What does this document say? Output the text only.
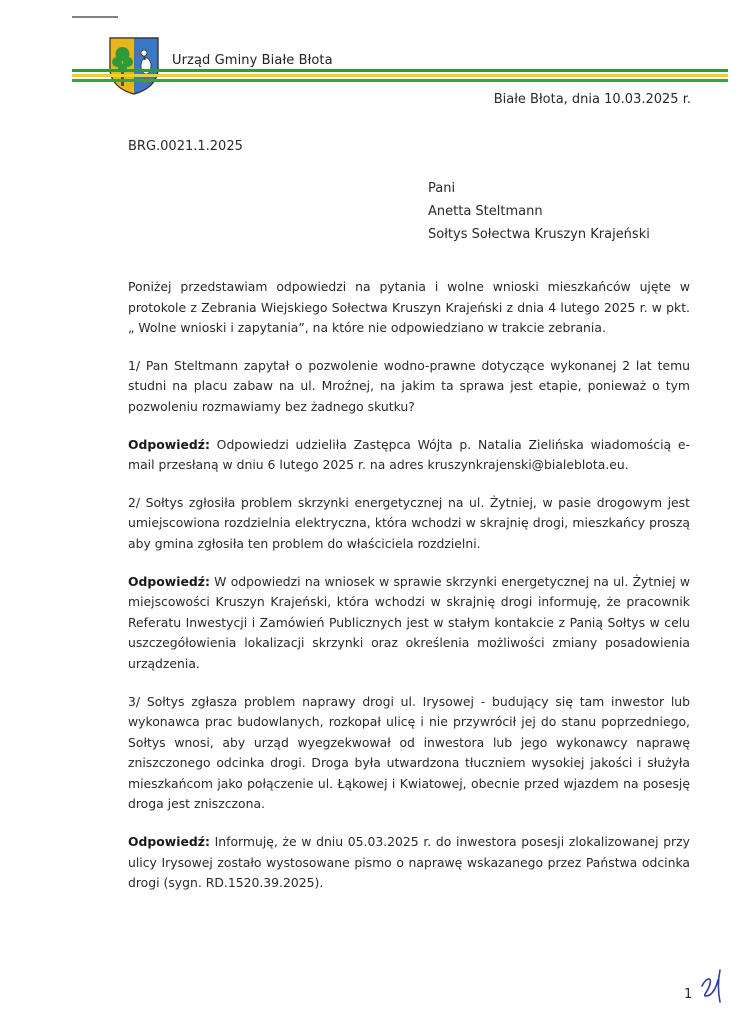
Urząd Gminy Białe Błota
Białe Błota, dnia 10.03.2025 r.
BRG.0021.1.2025
Pani
Anetta Steltmann
Sołtys Sołectwa Kruszyn Krajeński

Poniżej przedstawiam odpowiedzi na pytania i wolne wnioski mieszkańców ujęte w protokole z Zebrania Wiejskiego Sołectwa Kruszyn Krajeński z dnia 4 lutego 2025 r. w pkt. „ Wolne wnioski i zapytania”, na które nie odpowiedziano w trakcie zebrania.

1/ Pan Steltmann zapytał o pozwolenie wodno-prawne dotyczące wykonanej 2 lat temu studni na placu zabaw na ul. Mroźnej, na jakim ta sprawa jest etapie, ponieważ o tym pozwoleniu rozmawiamy bez żadnego skutku?

Odpowiedź: Odpowiedzi udzieliła Zastępca Wójta p. Natalia Zielińska wiadomością e-mail przesłaną w dniu 6 lutego 2025 r. na adres kruszynkrajenski@bialeblota.eu.

2/ Sołtys zgłosiła problem skrzynki energetycznej na ul. Żytniej, w pasie drogowym jest umiejscowiona rozdzielnia elektryczna, która wchodzi w skrajnię drogi, mieszkańcy proszą aby gmina zgłosiła ten problem do właściciela rozdzielni.

Odpowiedź: W odpowiedzi na wniosek w sprawie skrzynki energetycznej na ul. Żytniej w miejscowości Kruszyn Krajeński, która wchodzi w skrajnię drogi informuję, że pracownik Referatu Inwestycji i Zamówień Publicznych jest w stałym kontakcie z Panią Sołtys w celu uszczegółowienia lokalizacji skrzynki oraz określenia możliwości zmiany posadowienia urządzenia.

3/ Sołtys zgłasza problem naprawy drogi ul. Irysowej - budujący się tam inwestor lub wykonawca prac budowlanych, rozkopał ulicę i nie przywrócił jej do stanu poprzedniego, Sołtys wnosi, aby urząd wyegzekwował od inwestora lub jego wykonawcy naprawę zniszczonego odcinka drogi. Droga była utwardzona tłuczniem wysokiej jakości i służyła mieszkańcom jako połączenie ul. Łąkowej i Kwiatowej, obecnie przed wjazdem na posesję droga jest zniszczona.

Odpowiedź: Informuję, że w dniu 05.03.2025 r. do inwestora posesji zlokalizowanej przy ulicy Irysowej zostało wystosowane pismo o naprawę wskazanego przez Państwa odcinka drogi (sygn. RD.1520.39.2025).

1
